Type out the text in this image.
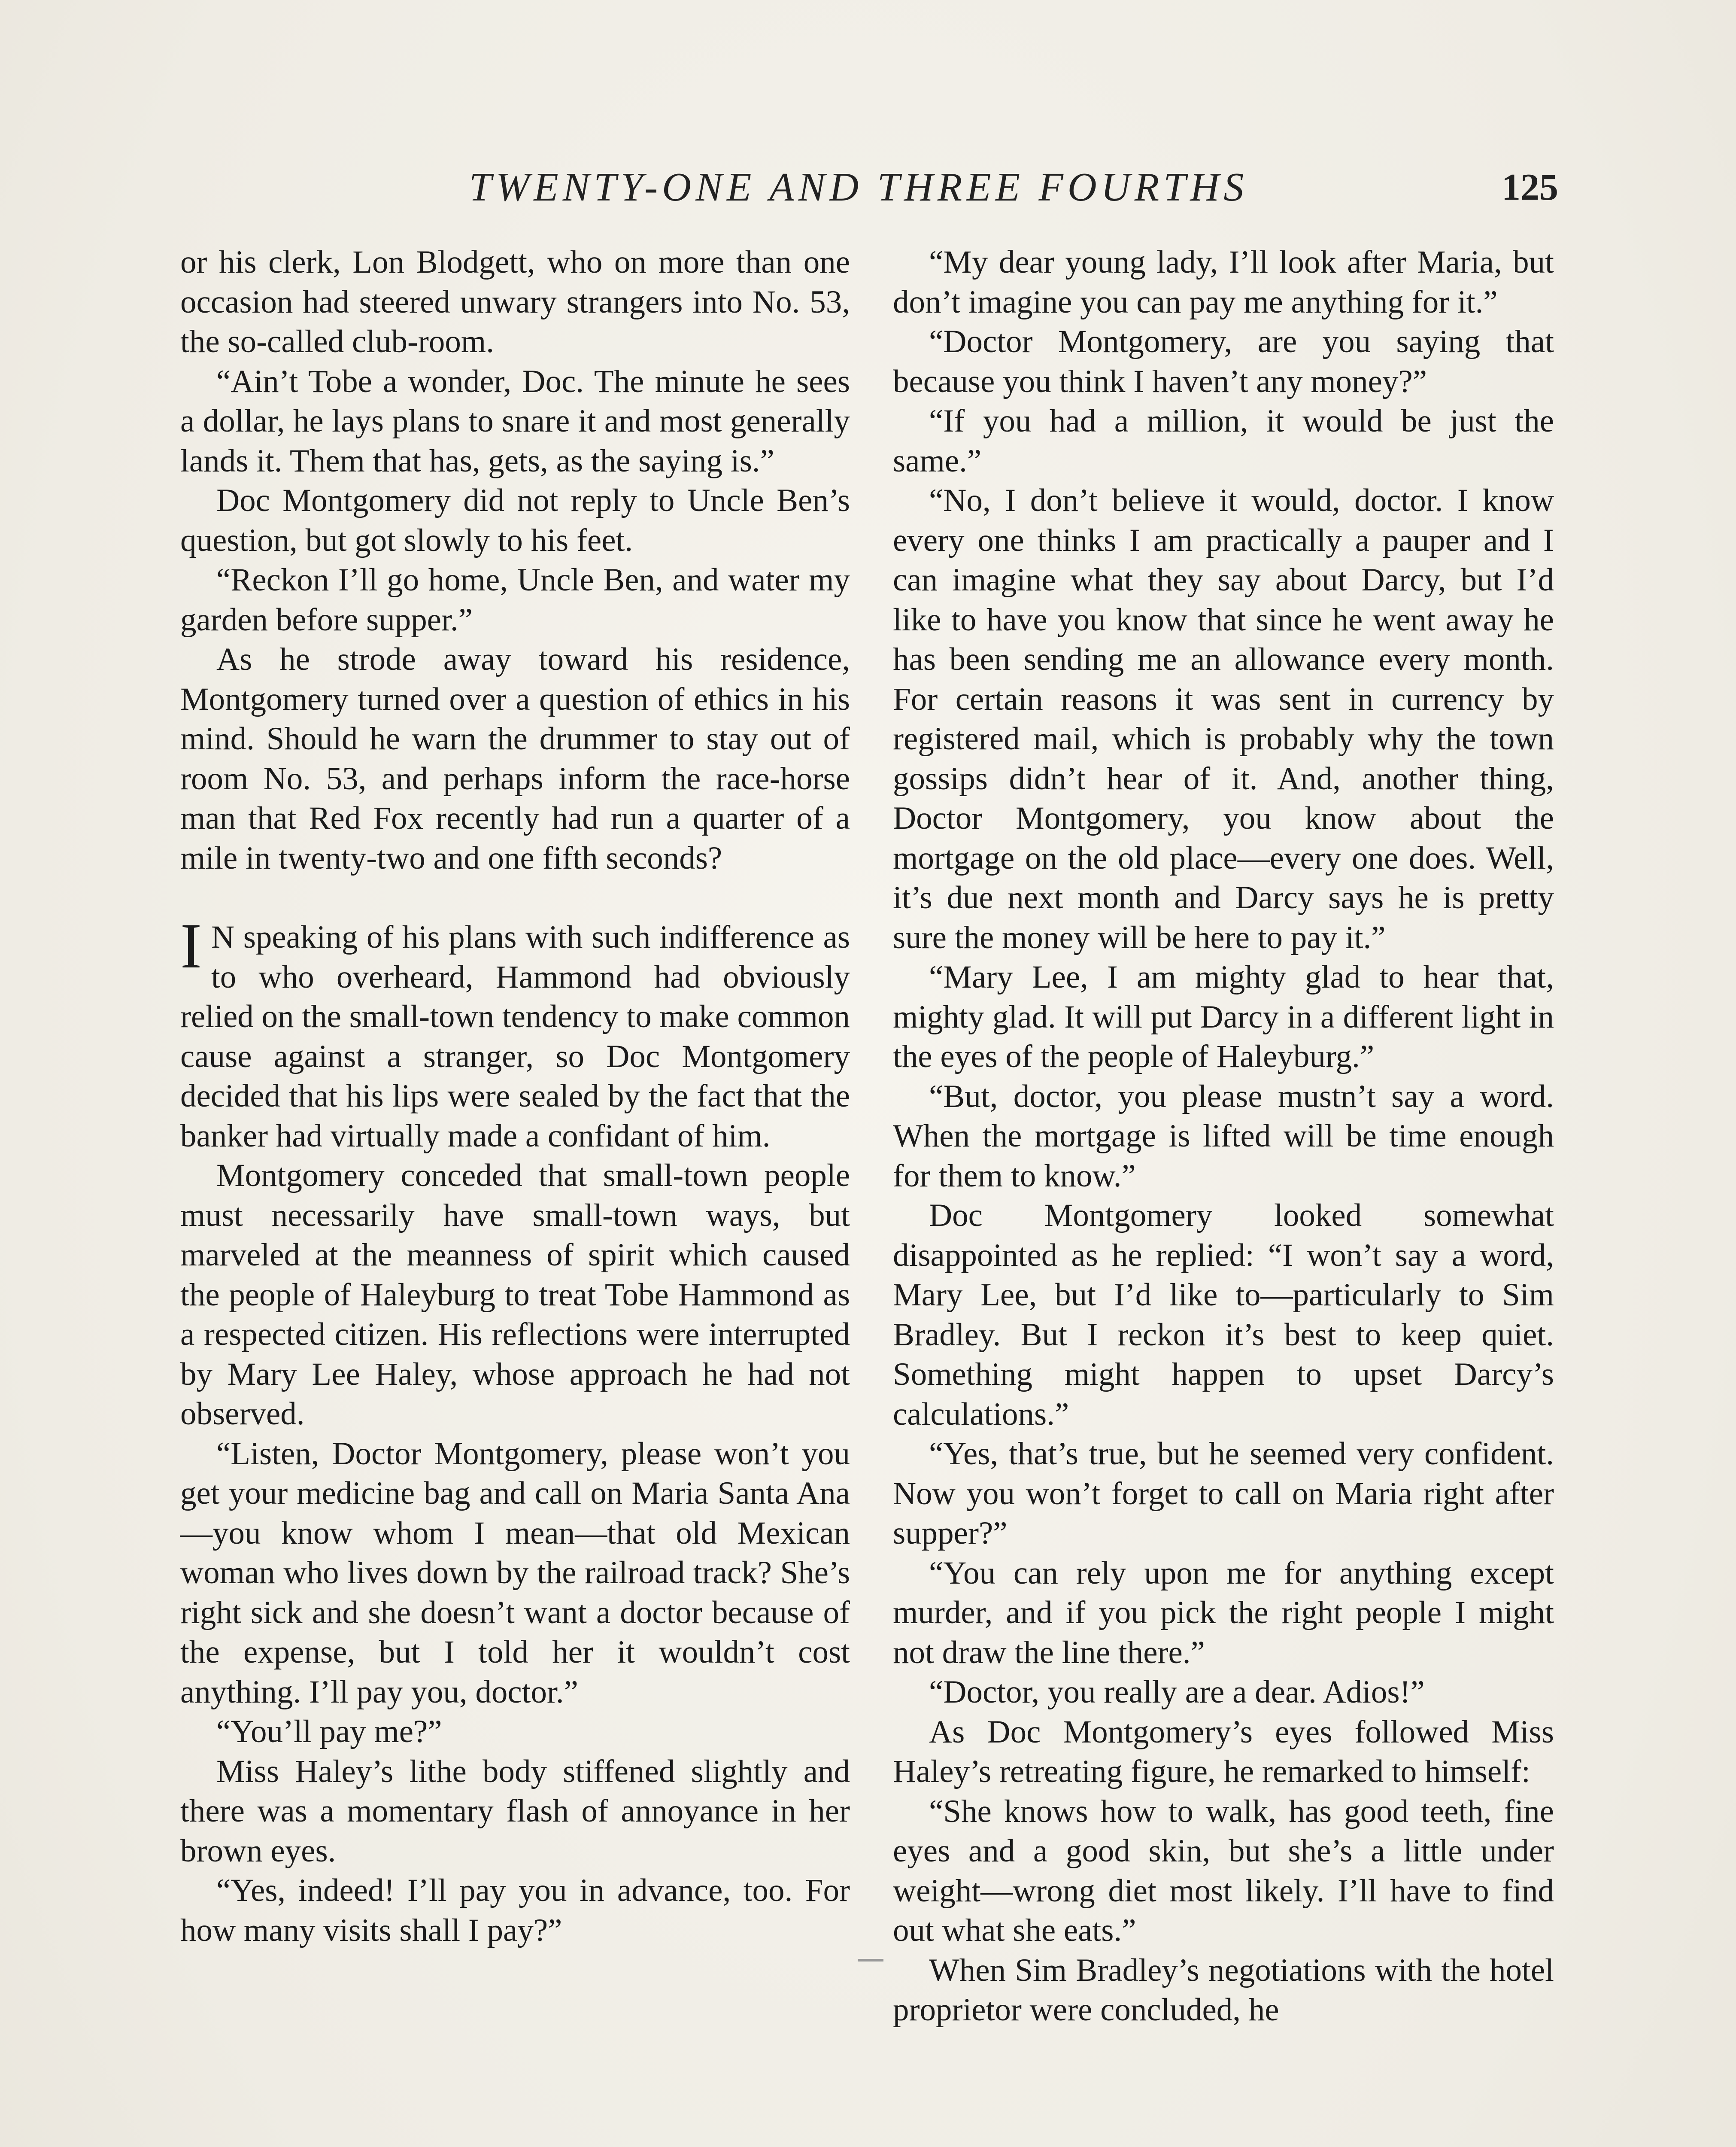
TWENTY-ONE AND THREE FOURTHS	125

or his clerk, Lon Blodgett, who on more than one occasion had steered unwary strangers into No. 53, the so-called club-room.

“Ain’t Tobe a wonder, Doc. The minute he sees a dollar, he lays plans to snare it and most generally lands it. Them that has, gets, as the saying is.”

Doc Montgomery did not reply to Uncle Ben’s question, but got slowly to his feet.

“Reckon I’ll go home, Uncle Ben, and water my garden before supper.”

As he strode away toward his residence, Montgomery turned over a question of ethics in his mind. Should he warn the drummer to stay out of room No. 53, and perhaps inform the race-horse man that Red Fox recently had run a quarter of a mile in twenty-two and one fifth seconds?

I N speaking of his plans with such indifference as to who overheard, Hammond had obviously relied on the small-town tendency to make common cause against a stranger, so Doc Montgomery decided that his lips were sealed by the fact that the banker had virtually made a confidant of him.

Montgomery conceded that small-town people must necessarily have small-town ways, but marveled at the meanness of spirit which caused the people of Haleyburg to treat Tobe Hammond as a respected citizen. His reflections were interrupted by Mary Lee Haley, whose approach he had not observed.

“Listen, Doctor Montgomery, please won’t you get your medicine bag and call on Maria Santa Ana—you know whom I mean—that old Mexican woman who lives down by the railroad track? She’s right sick and she doesn’t want a doctor because of the expense, but I told her it wouldn’t cost anything. I’ll pay you, doctor.”

“You’ll pay me?”

Miss Haley’s lithe body stiffened slightly and there was a momentary flash of annoyance in her brown eyes.

“Yes, indeed! I’ll pay you in advance, too. For how many visits shall I pay?”

“My dear young lady, I’ll look after Maria, but don’t imagine you can pay me anything for it.”

“Doctor Montgomery, are you saying that because you think I haven’t any money?”

“If you had a million, it would be just the same.”

“No, I don’t believe it would, doctor. I know every one thinks I am practically a pauper and I can imagine what they say about Darcy, but I’d like to have you know that since he went away he has been sending me an allowance every month. For certain reasons it was sent in currency by registered mail, which is probably why the town gossips didn’t hear of it. And, another thing, Doctor Montgomery, you know about the mortgage on the old place—every one does. Well, it’s due next month and Darcy says he is pretty sure the money will be here to pay it.”

“Mary Lee, I am mighty glad to hear that, mighty glad. It will put Darcy in a different light in the eyes of the people of Haleyburg.”

“But, doctor, you please mustn’t say a word. When the mortgage is lifted will be time enough for them to know.”

Doc Montgomery looked somewhat disappointed as he replied: “I won’t say a word, Mary Lee, but I’d like to—particularly to Sim Bradley. But I reckon it’s best to keep quiet. Something might happen to upset Darcy’s calculations.”

“Yes, that’s true, but he seemed very confident. Now you won’t forget to call on Maria right after supper?”

“You can rely upon me for anything except murder, and if you pick the right people I might not draw the line there.”

“Doctor, you really are a dear. Adios!”

As Doc Montgomery’s eyes followed Miss Haley’s retreating figure, he remarked to himself:

“She knows how to walk, has good teeth, fine eyes and a good skin, but she’s a little under weight—wrong diet most likely. I’ll have to find out what she eats.”

When Sim Bradley’s negotiations with the hotel proprietor were concluded, he
